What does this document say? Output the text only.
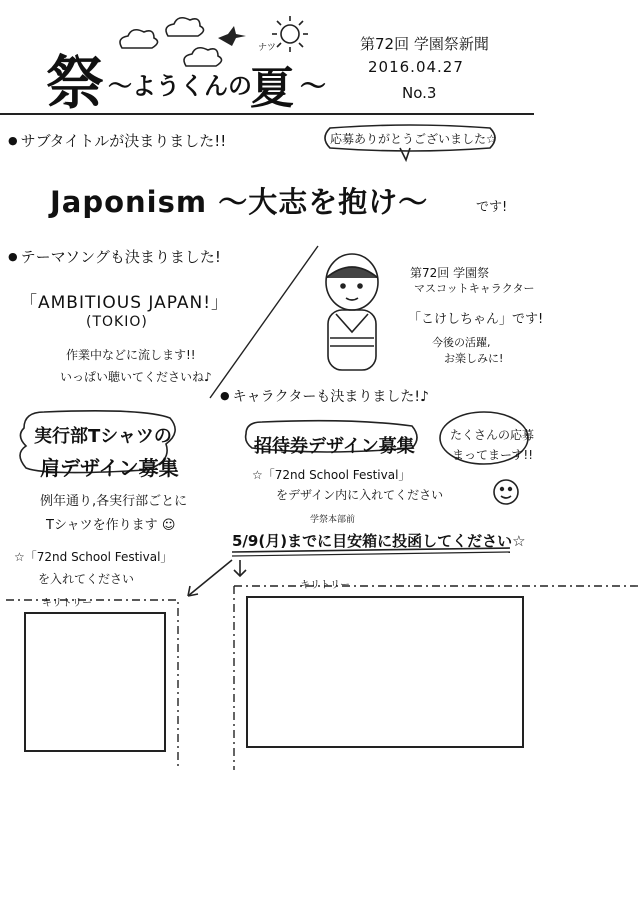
祭 〜ようくんの
夏
ナツ
〜
第72回 学園祭新聞
2016.04.27
No.3
● サブタイトルが決まりました!!	応募ありがとうございました☆
Japonism 〜大志を抱け〜	です!
● テーマソングも決まりました!
「AMBITIOUS JAPAN!」
(TOKIO)
作業中などに流します!!
いっぱい聴いてくださいね♪
第72回 学園祭
マスコットキャラクター
「こけしちゃん」です!
今後の活躍,
お楽しみに!
● キャラクターも決まりました!♪
実行部Tシャツの
肩デザイン募集
例年通り,各実行部ごとに
Tシャツを作ります ☺
☆「72nd School Festival」
を入れてください
招待券デザイン募集
☆「72nd School Festival」
をデザイン内に入れてください
たくさんの応募
まってまーす!!
学祭本部前
5/9(月)までに目安箱に投函してください☆
キリトリー
キリトリー
